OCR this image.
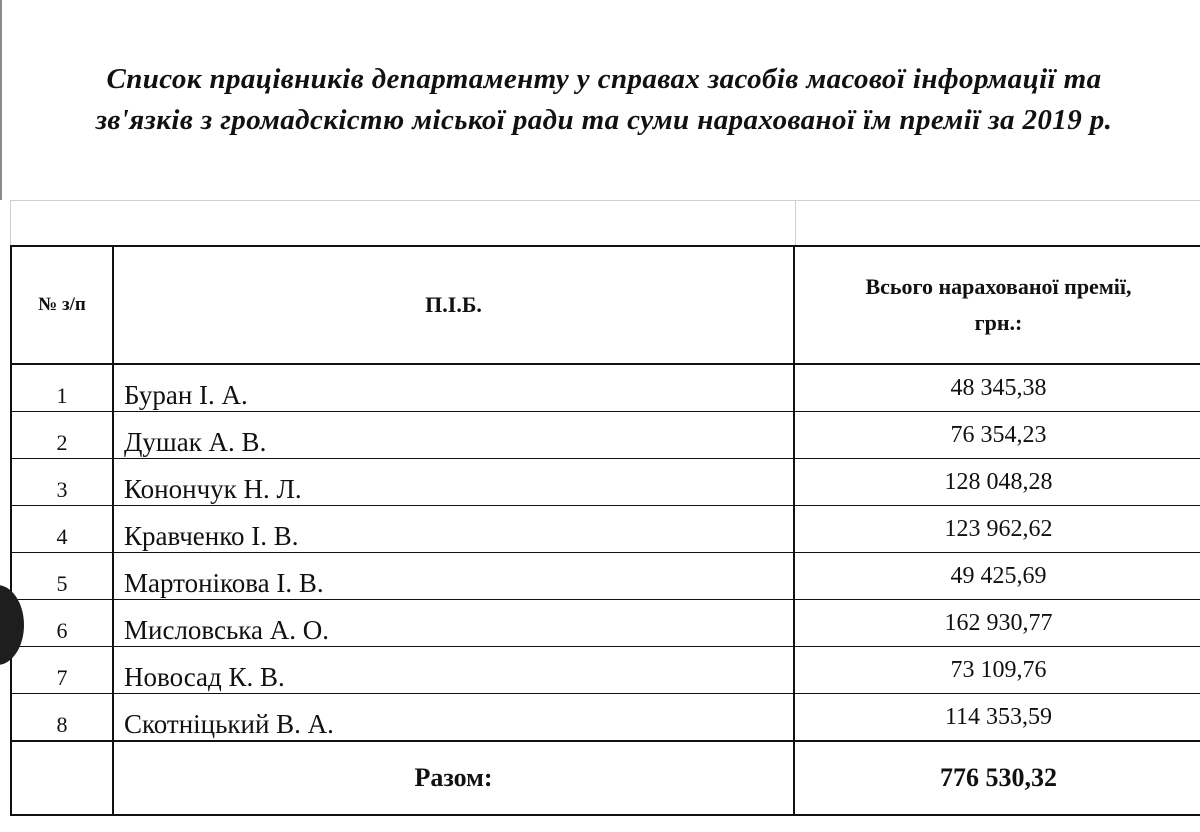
Список працівників департаменту у справах засобів масової інформації та
зв'язків з громадскістю міської ради та суми нарахованої їм премії за 2019 р.
№ з/п	П.І.Б.	Всього нарахованої премії,
грн.:

1	Буран І. А.	48 345,38
2	Душак А. В.	76 354,23
3	Конончук Н. Л.	128 048,28
4	Кравченко І. В.	123 962,62
5	Мартонікова І. В.	49 425,69
6	Мисловська А. О.	162 930,77
7	Новосад К. В.	73 109,76
8	Скотніцький В. А.	114 353,59
	Разом:	776 530,32
